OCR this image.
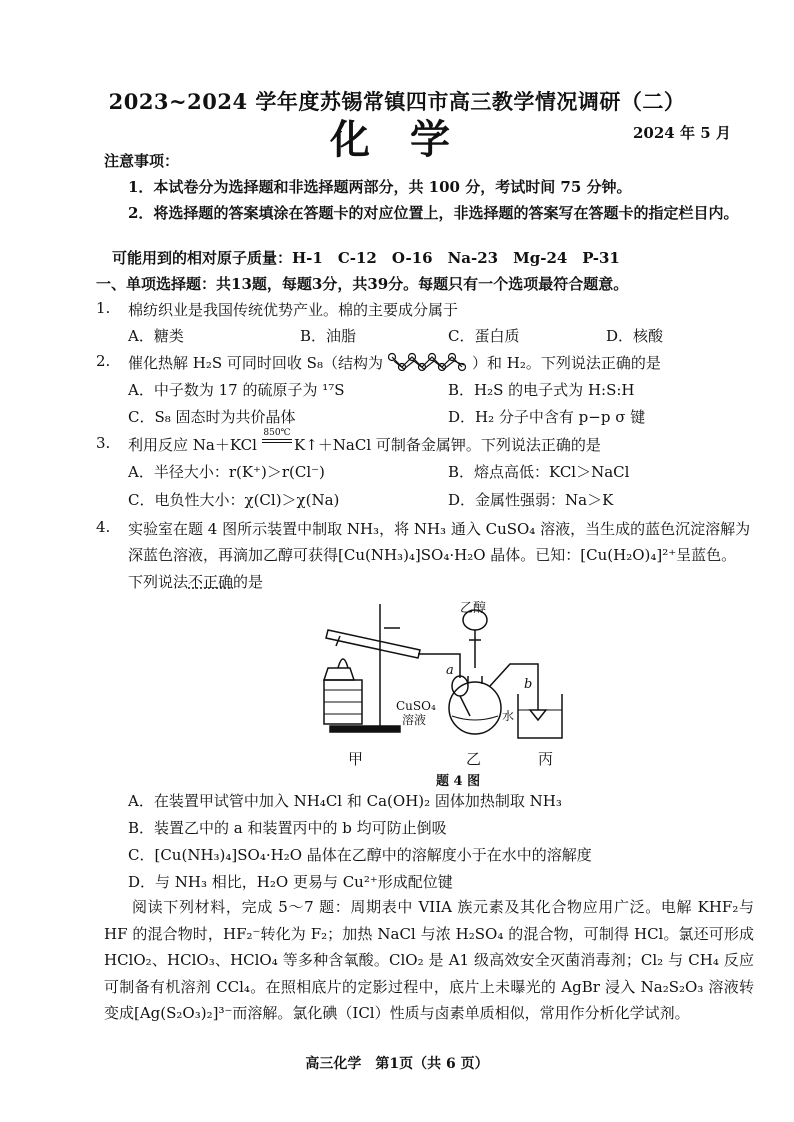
2023~2024 学年度苏锡常镇四市高三教学情况调研（二）
化学	2024 年 5 月
注意事项：
1．本试卷分为选择题和非选择题两部分，共 100 分，考试时间 75 分钟。
2．将选择题的答案填涂在答题卡的对应位置上，非选择题的答案写在答题卡的指定栏目内。
可能用到的相对原子质量：H-1　C-12　O-16　Na-23　Mg-24　P-31
一、单项选择题：共13题，每题3分，共39分。每题只有一个选项最符合题意。
1. 棉纺织业是我国传统优势产业。棉的主要成分属于
A．糖类	B．油脂	C．蛋白质	D．核酸
2. 催化热解 H₂S 可同时回收 S₈（结构为	）和 H₂。下列说法正确的是
A．中子数为 17 的硫原子为 ¹⁷S	B．H₂S 的电子式为 H:S:H
C．S₈ 固态时为共价晶体	D．H₂ 分子中含有 p−p σ 键
3. 利用反应 Na＋KCl
850℃
K↑＋NaCl 可制备金属钾。下列说法正确的是
A．半径大小：r(K⁺)＞r(Cl⁻)	B．熔点高低：KCl＞NaCl
C．电负性大小：χ(Cl)＞χ(Na)	D．金属性强弱：Na＞K
4. 实验室在题 4 图所示装置中制取 NH₃，将 NH₃ 通入 CuSO₄ 溶液，当生成的蓝色沉淀溶解为
深蓝色溶液，再滴加乙醇可获得[Cu(NH₃)₄]SO₄·H₂O 晶体。已知：[Cu(H₂O)₄]²⁺呈蓝色。
下列说法不正确的是
乙醇
a
b
CuSO₄
溶液	水
甲	乙	丙
题 4 图
A．在装置甲试管中加入 NH₄Cl 和 Ca(OH)₂ 固体加热制取 NH₃
B．装置乙中的 a 和装置丙中的 b 均可防止倒吸
C．[Cu(NH₃)₄]SO₄·H₂O 晶体在乙醇中的溶解度小于在水中的溶解度
D．与 NH₃ 相比，H₂O 更易与 Cu²⁺形成配位键
阅读下列材料，完成 5～7 题：周期表中 VIIA 族元素及其化合物应用广泛。电解 KHF₂与 HF 的混合物时，HF₂⁻转化为 F₂；加热 NaCl 与浓 H₂SO₄ 的混合物，可制得 HCl。氯还可形成 HClO₂、HClO₃、HClO₄ 等多种含氧酸。ClO₂ 是 A1 级高效安全灭菌消毒剂；Cl₂ 与 CH₄ 反应可制备有机溶剂 CCl₄。在照相底片的定影过程中，底片上未曝光的 AgBr 浸入 Na₂S₂O₃ 溶液转变成[Ag(S₂O₃)₂]³⁻而溶解。氯化碘（ICl）性质与卤素单质相似，常用作分析化学试剂。
高三化学　第1页（共 6 页）
